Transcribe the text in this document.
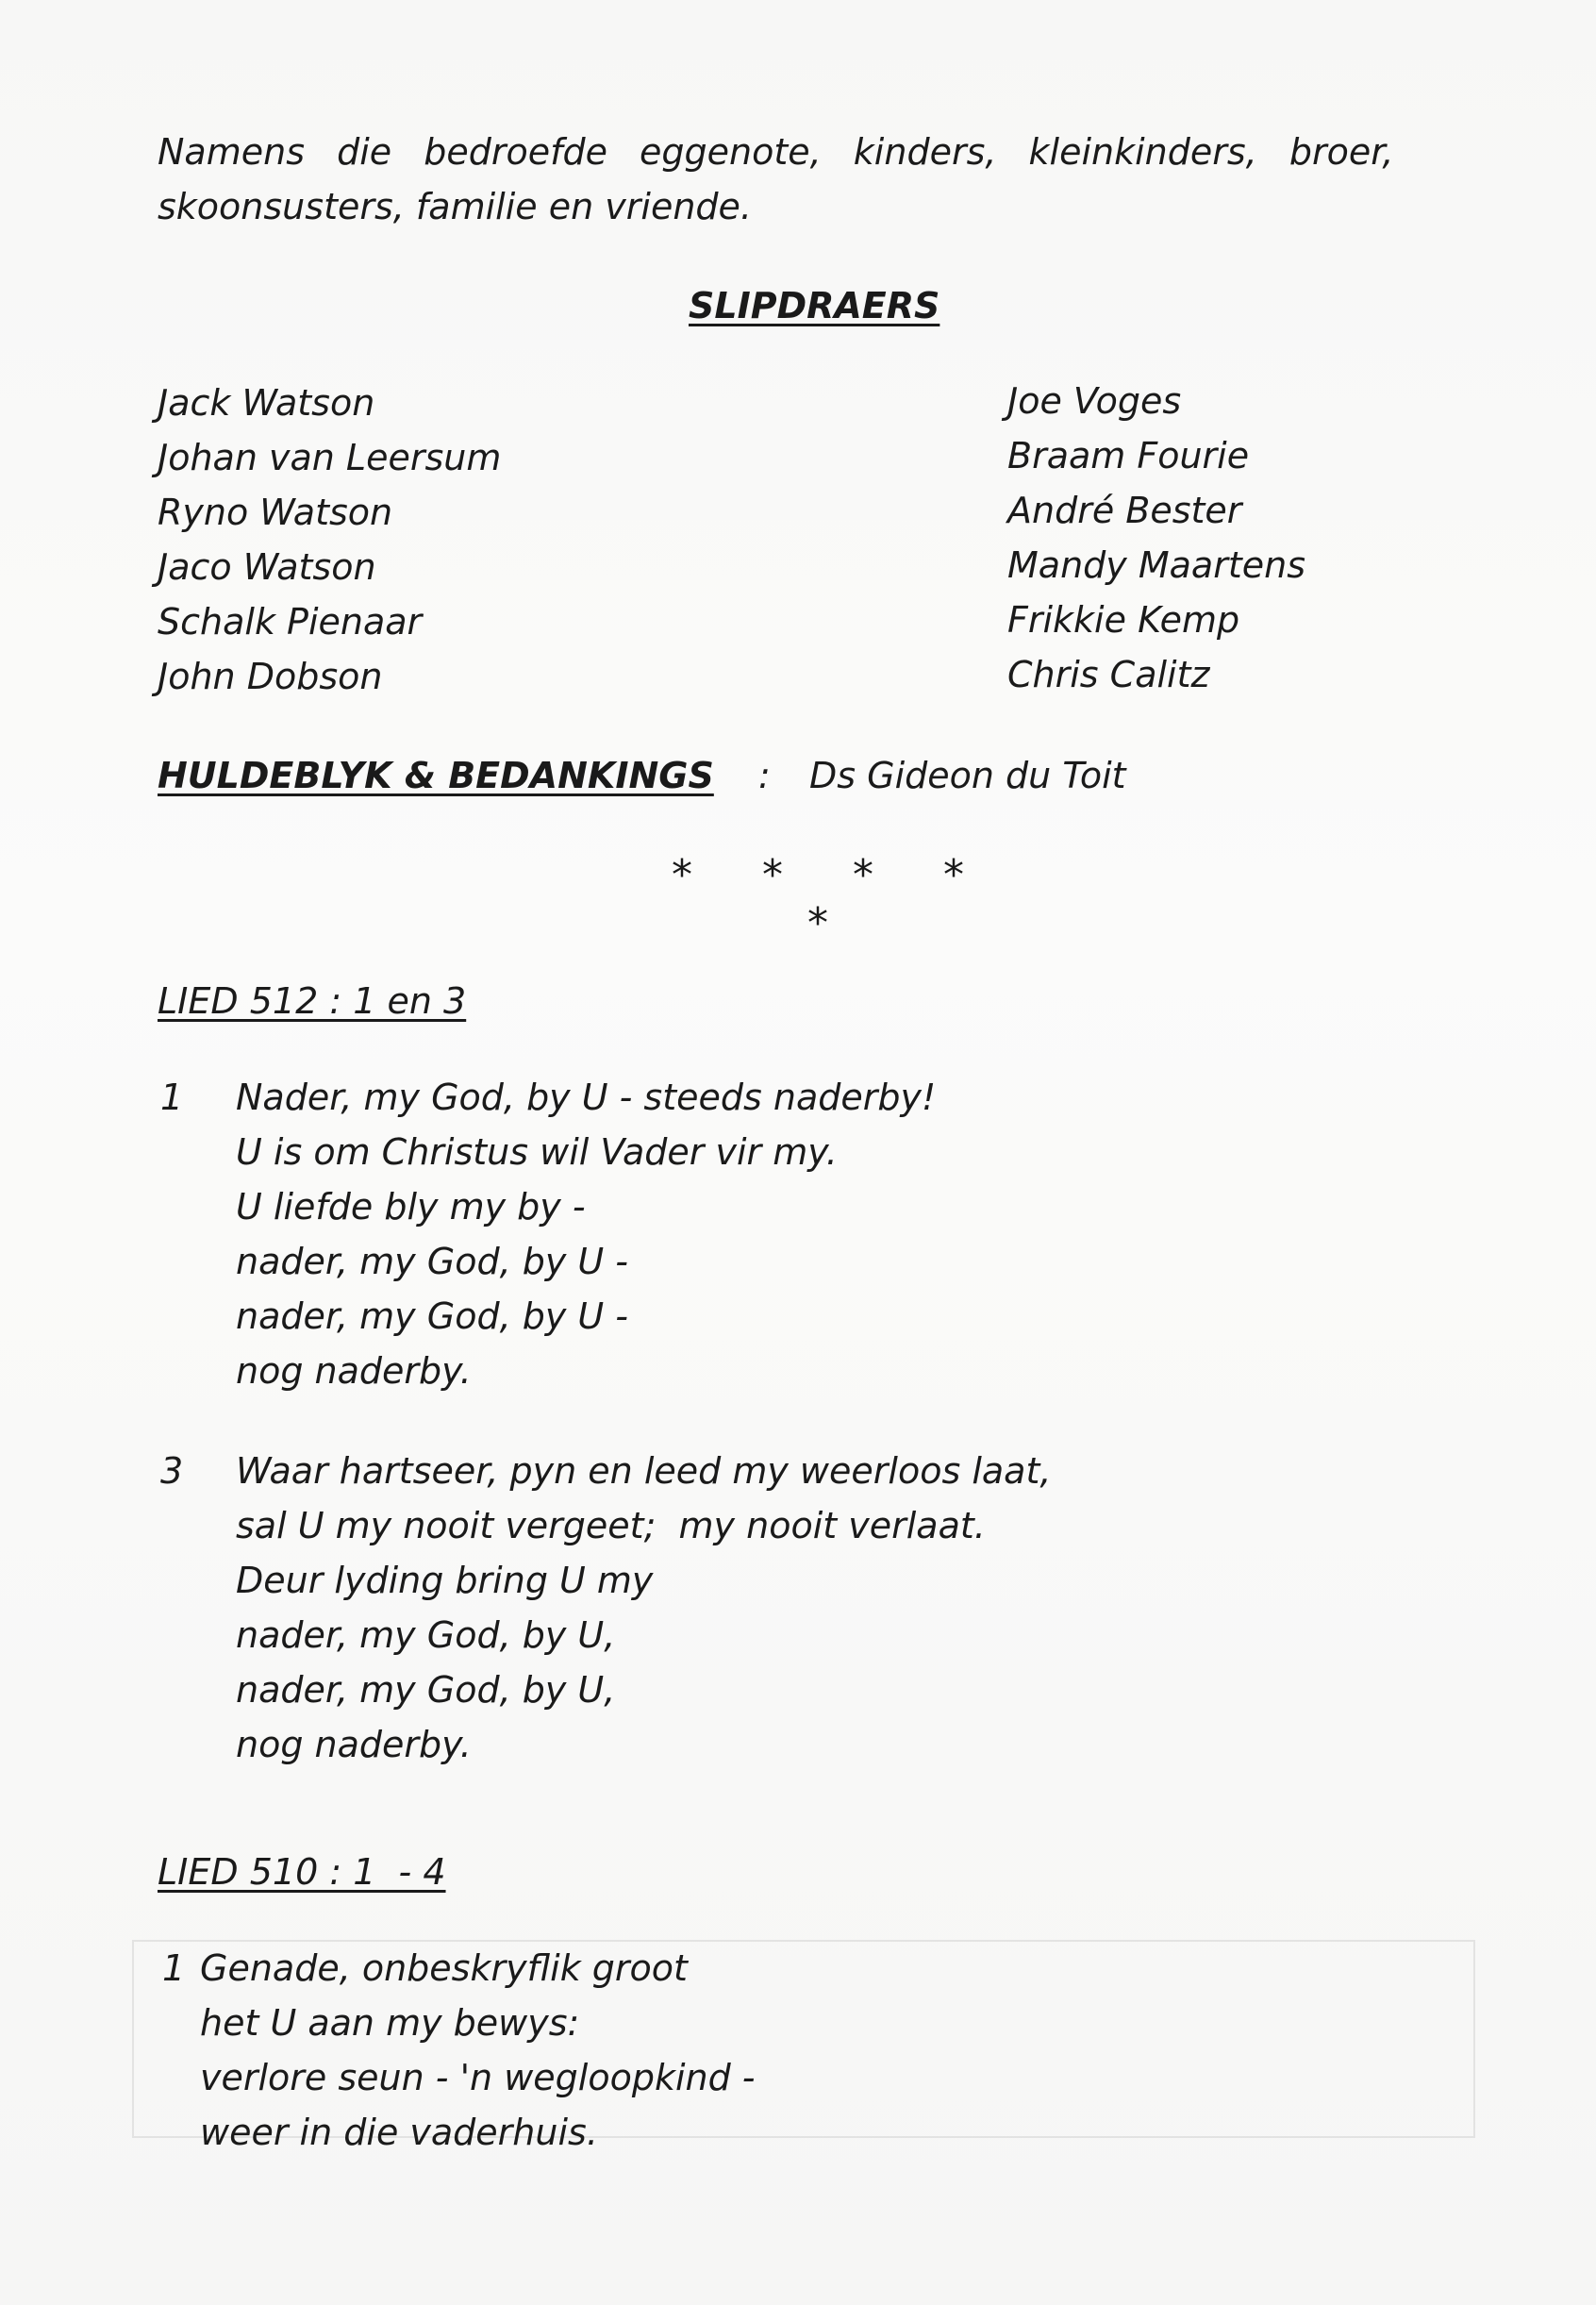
Namens die bedroefde eggenote, kinders, kleinkinders, broer,

skoonsusters, familie en vriende.

SLIPDRAERS

Jack Watson

Johan van Leersum

Ryno Watson

Jaco Watson

Schalk Pienaar

John Dobson

Joe Voges

Braam Fourie

André Bester

Mandy Maartens

Frikkie Kemp

Chris Calitz

HULDEBLYK & BEDANKINGS : Ds Gideon du Toit

* * * * *

LIED 512 : 1 en 3

1 Nader, my God, by U - steeds naderby!

U is om Christus wil Vader vir my.

U liefde bly my by -

nader, my God, by U -

nader, my God, by U -

nog naderby.

3 Waar hartseer, pyn en leed my weerloos laat,

sal U my nooit vergeet;  my nooit verlaat.

Deur lyding bring U my

nader, my God, by U,

nader, my God, by U,

nog naderby.

LIED 510 : 1  - 4

1 Genade, onbeskryflik groot

het U aan my bewys:

verlore seun - 'n wegloopkind -

weer in die vaderhuis.
